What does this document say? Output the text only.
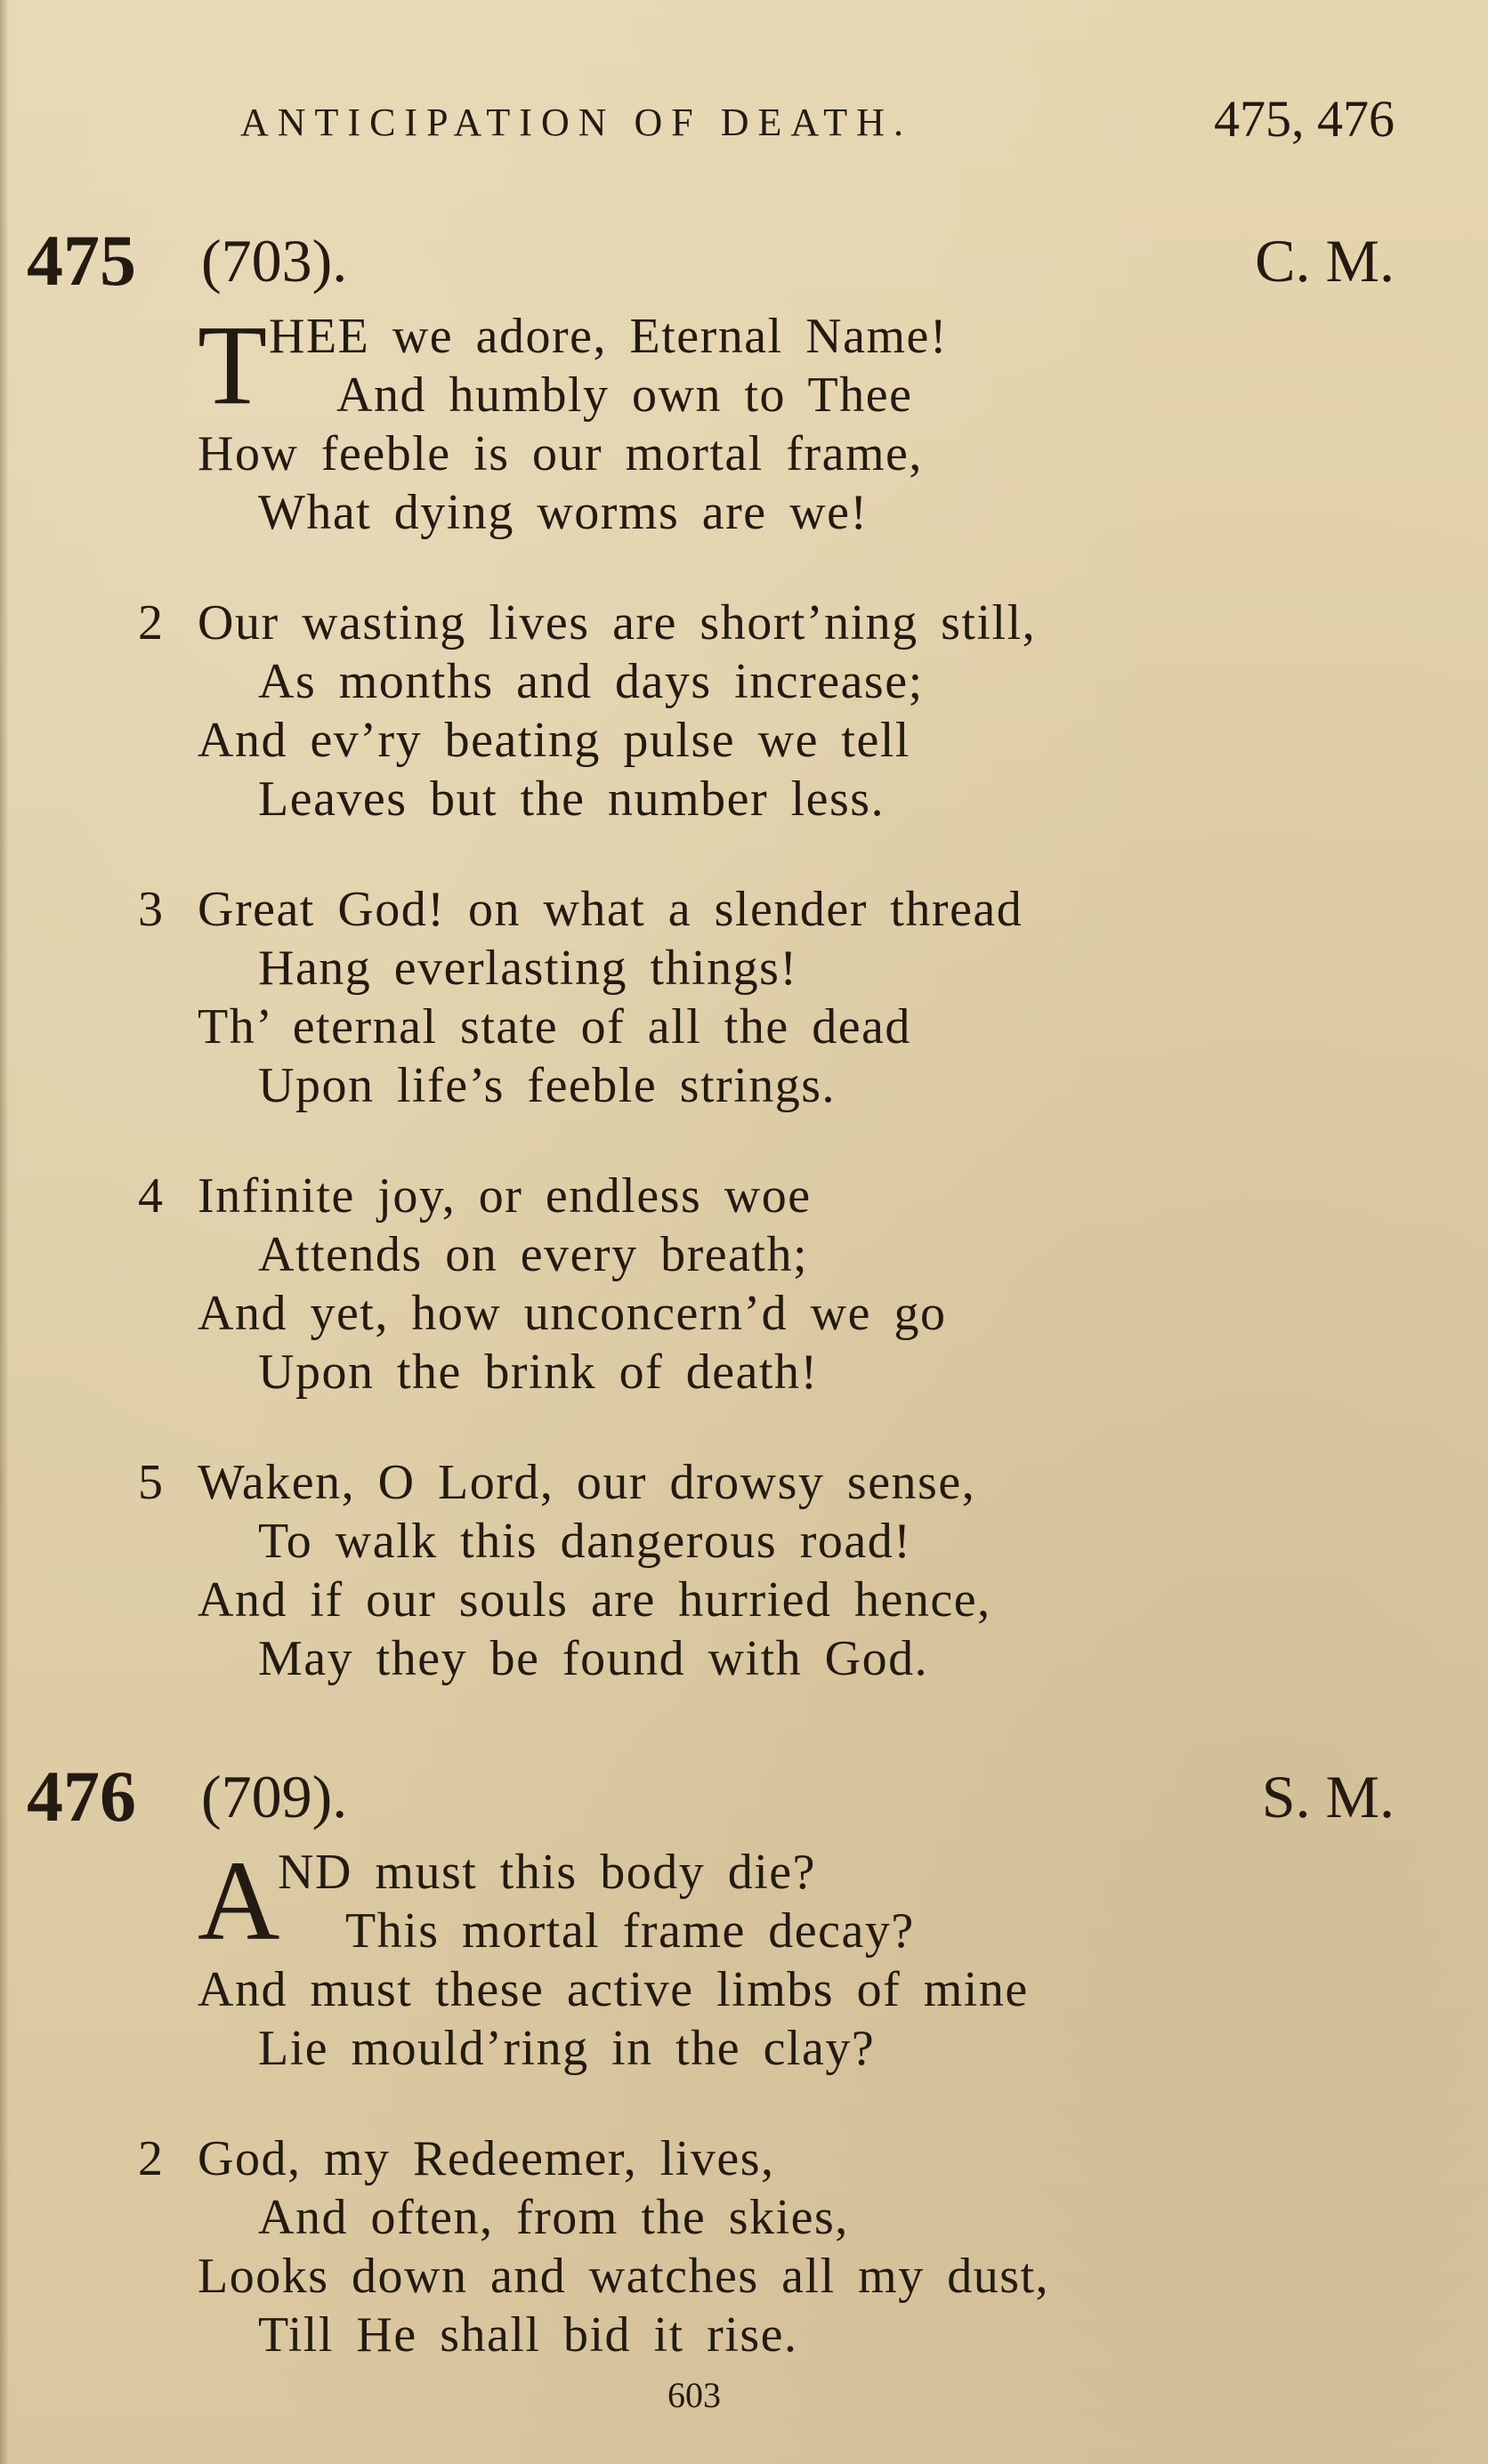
ANTICIPATION OF DEATH.	475, 476
475 (703).	C. M.
T HEE we adore, Eternal Name!
And humbly own to Thee
How feeble is our mortal frame,
What dying worms are we!
2 Our wasting lives are short’ning still,
As months and days increase;
And ev’ry beating pulse we tell
Leaves but the number less.
3 Great God! on what a slender thread
Hang everlasting things!
Th’ eternal state of all the dead
Upon life’s feeble strings.
4 Infinite joy, or endless woe
Attends on every breath;
And yet, how unconcern’d we go
Upon the brink of death!
5 Waken, O Lord, our drowsy sense,
To walk this dangerous road!
And if our souls are hurried hence,
May they be found with God.
476 (709).	S. M.
A
ND must this body die?
This mortal frame decay?
And must these active limbs of mine
Lie mould’ring in the clay?
2 God, my Redeemer, lives,
And often, from the skies,
Looks down and watches all my dust,
Till He shall bid it rise.
603
